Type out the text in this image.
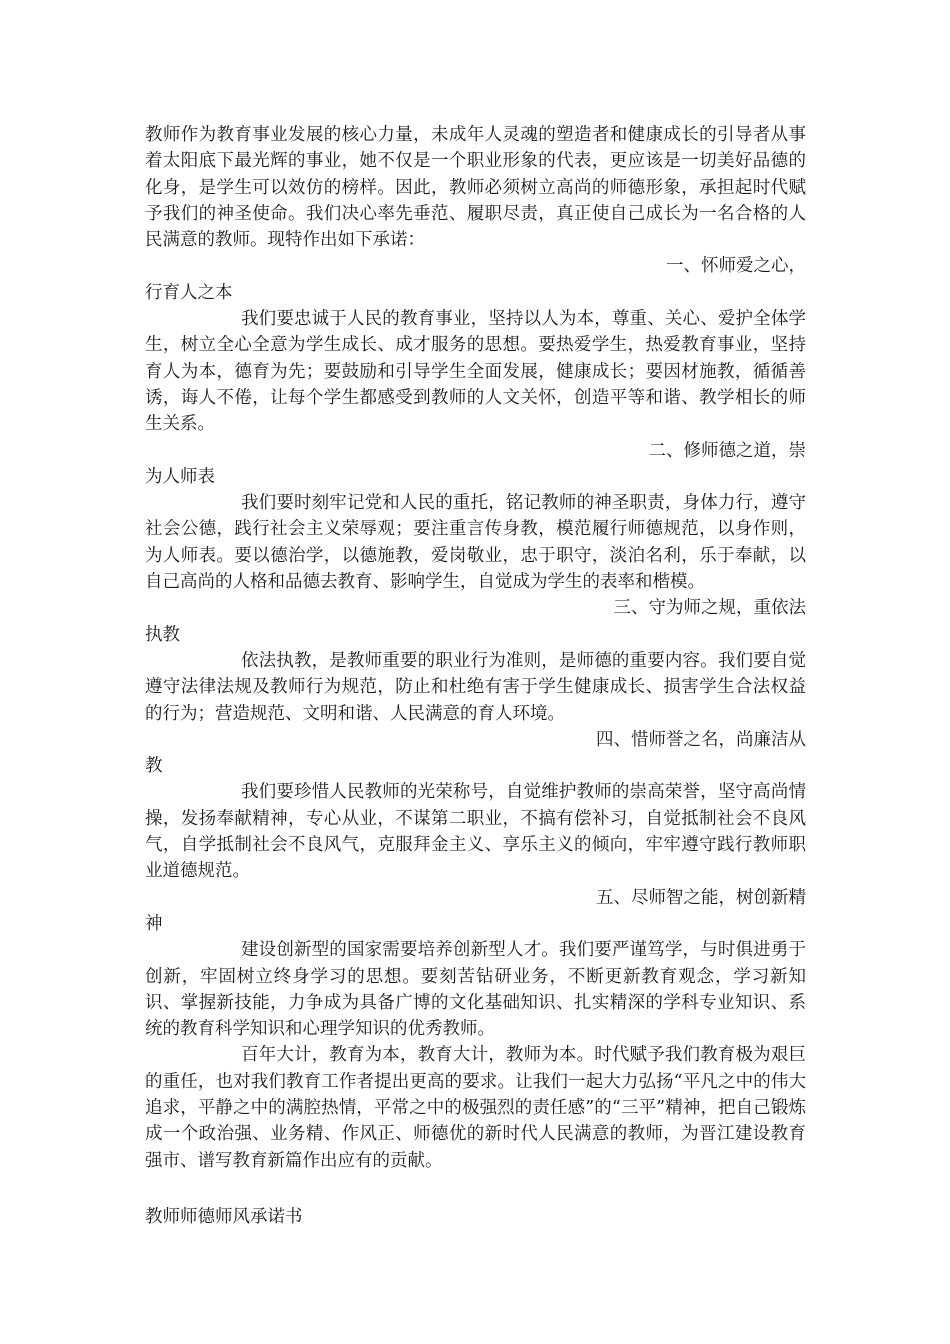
教师作为教育事业发展的核心力量，未成年人灵魂的塑造者和健康成长的引导者从事着太阳底下最光辉的事业，她不仅是一个职业形象的代表，更应该是一切美好品德的化身，是学生可以效仿的榜样。因此，教师必须树立高尚的师德形象，承担起时代赋予我们的神圣使命。我们决心率先垂范、履职尽责，真正使自己成长为一名合格的人民满意的教师。现特作出如下承诺：

一、怀师爱之心，
行育人之本

我们要忠诚于人民的教育事业，坚持以人为本，尊重、关心、爱护全体学生，树立全心全意为学生成长、成才服务的思想。要热爱学生，热爱教育事业，坚持育人为本，德育为先；要鼓励和引导学生全面发展，健康成长；要因材施教，循循善诱，诲人不倦，让每个学生都感受到教师的人文关怀，创造平等和谐、教学相长的师生关系。

二、修师德之道，崇
为人师表

我们要时刻牢记党和人民的重托，铭记教师的神圣职责，身体力行，遵守社会公德，践行社会主义荣辱观；要注重言传身教，模范履行师德规范，以身作则，为人师表。要以德治学，以德施教，爱岗敬业，忠于职守，淡泊名利，乐于奉献，以自己高尚的人格和品德去教育、影响学生，自觉成为学生的表率和楷模。

三、守为师之规，重依法
执教

依法执教，是教师重要的职业行为准则，是师德的重要内容。我们要自觉遵守法律法规及教师行为规范，防止和杜绝有害于学生健康成长、损害学生合法权益的行为；营造规范、文明和谐、人民满意的育人环境。

四、惜师誉之名，尚廉洁从
教

我们要珍惜人民教师的光荣称号，自觉维护教师的崇高荣誉，坚守高尚情操，发扬奉献精神，专心从业，不谋第二职业，不搞有偿补习，自觉抵制社会不良风气，自学抵制社会不良风气，克服拜金主义、享乐主义的倾向，牢牢遵守践行教师职业道德规范。

五、尽师智之能，树创新精
神

建设创新型的国家需要培养创新型人才。我们要严谨笃学，与时俱进勇于创新，牢固树立终身学习的思想。要刻苦钻研业务，不断更新教育观念，学习新知识、掌握新技能，力争成为具备广博的文化基础知识、扎实精深的学科专业知识、系统的教育科学知识和心理学知识的优秀教师。

百年大计，教育为本，教育大计，教师为本。时代赋予我们教育极为艰巨的重任，也对我们教育工作者提出更高的要求。让我们一起大力弘扬“平凡之中的伟大追求，平静之中的满腔热情，平常之中的极强烈的责任感”的“三平”精神，把自己锻炼成一个政治强、业务精、作风正、师德优的新时代人民满意的教师，为晋江建设教育强市、谱写教育新篇作出应有的贡献。

教师师德师风承诺书
